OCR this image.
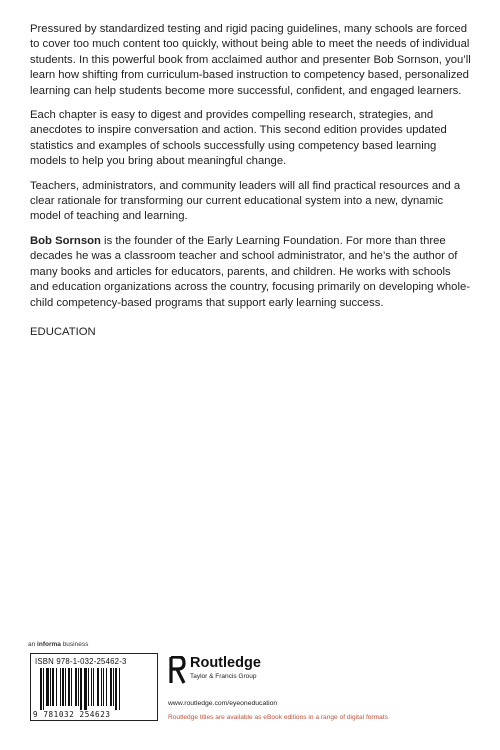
Pressured by standardized testing and rigid pacing guidelines, many schools are forced to cover too much content too quickly, without being able to meet the needs of individual students. In this powerful book from acclaimed author and presenter Bob Sornson, you’ll learn how shifting from curriculum-based instruction to competency based, personalized learning can help students become more successful, confident, and engaged learners.

Each chapter is easy to digest and provides compelling research, strategies, and anecdotes to inspire conversation and action. This second edition provides updated statistics and examples of schools successfully using competency based learning models to help you bring about meaningful change.

Teachers, administrators, and community leaders will all find practical resources and a clear rationale for transforming our current educational system into a new, dynamic model of teaching and learning.

Bob Sornson is the founder of the Early Learning Foundation. For more than three decades he was a classroom teacher and school administrator, and he’s the author of many books and articles for educators, parents, and children. He works with schools and education organizations across the country, focusing primarily on developing whole-child competency-based programs that support early learning success.

EDUCATION

an informa business
ISBN 978-1-032-25462-3
9 781032 254623
Routledge
Taylor & Francis Group
www.routledge.com/eyeoneducation
Routledge titles are available as eBook editions in a range of digital formats
